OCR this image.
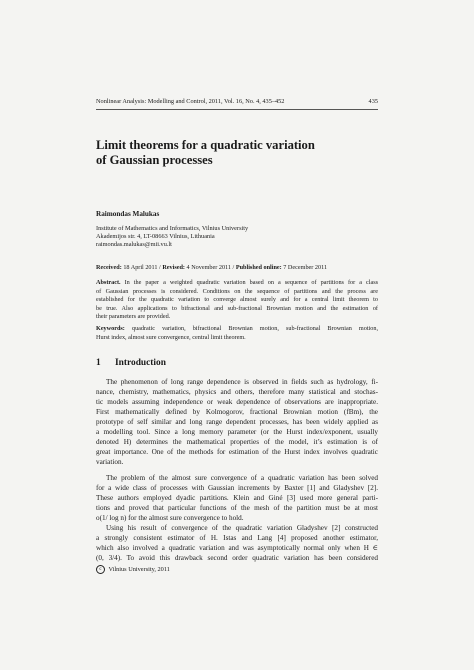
Nonlinear Analysis: Modelling and Control, 2011, Vol. 16, No. 4, 435–452	435
Limit theorems for a quadratic variation
of Gaussian processes
Raimondas Malukas
Institute of Mathematics and Informatics, Vilnius University
Akademijos str. 4, LT-08663 Vilnius, Lithuania
raimondas.malukas@mii.vu.lt
Received: 18 April 2011 / Revised: 4 November 2011 / Published online: 7 December 2011
Abstract. In the paper a weighted quadratic variation based on a sequence of partitions for a class
of Gaussian processes is considered. Conditions on the sequence of partitions and the process are
established for the quadratic variation to converge almost surely and for a central limit theorem to
be true. Also applications to bifractional and sub-fractional Brownian motion and the estimation of
their parameters are provided.
Keywords: quadratic variation, bifractional Brownian motion, sub-fractional Brownian motion,
Hurst index, almost sure convergence, central limit theorem.
1 Introduction
The phenomenon of long range dependence is observed in fields such as hydrology, fi-
nance, chemistry, mathematics, physics and others, therefore many statistical and stochas-
tic models assuming independence or weak dependence of observations are inappropriate.
First mathematically defined by Kolmogorov, fractional Brownian motion (fBm), the
prototype of self similar and long range dependent processes, has been widely applied as
a modelling tool. Since a long memory parameter (or the Hurst index/exponent, usually
denoted H) determines the mathematical properties of the model, it’s estimation is of
great importance. One of the methods for estimation of the Hurst index involves quadratic
variation.
The problem of the almost sure convergence of a quadratic variation has been solved
for a wide class of processes with Gaussian increments by Baxter [1] and Gladyshev [2].
These authors employed dyadic partitions. Klein and Giné [3] used more general parti-
tions and proved that particular functions of the mesh of the partition must be at most
o(1/ log n) for the almost sure convergence to hold.
Using his result of convergence of the quadratic variation Gladyshev [2] constructed
a strongly consistent estimator of H. Istas and Lang [4] proposed another estimator,
which also involved a quadratic variation and was asymptotically normal only when H ∈
(0, 3/4). To avoid this drawback second order quadratic variation has been considered
c Vilnius University, 2011
